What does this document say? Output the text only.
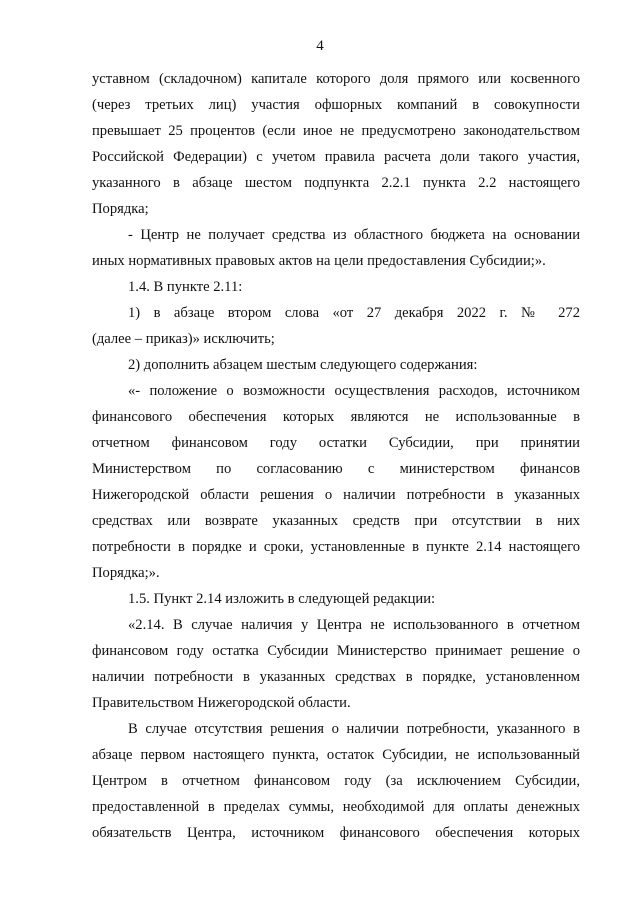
4
уставном (складочном) капитале которого доля прямого или косвенного
(через третьих лиц) участия офшорных компаний в совокупности
превышает 25 процентов (если иное не предусмотрено законодательством
Российской Федерации) с учетом правила расчета доли такого участия,
указанного в абзаце шестом подпункта 2.2.1 пункта 2.2 настоящего
Порядка;
- Центр не получает средства из областного бюджета на основании
иных нормативных правовых актов на цели предоставления Субсидии;».
1.4. В пункте 2.11:
1) в абзаце втором слова «от 27 декабря 2022 г. № 272
(далее – приказ)» исключить;
2) дополнить абзацем шестым следующего содержания:
«- положение о возможности осуществления расходов, источником
финансового обеспечения которых являются не использованные в
отчетном финансовом году остатки Субсидии, при принятии
Министерством по согласованию с министерством финансов
Нижегородской области решения о наличии потребности в указанных
средствах или возврате указанных средств при отсутствии в них
потребности в порядке и сроки, установленные в пункте 2.14 настоящего
Порядка;».
1.5. Пункт 2.14 изложить в следующей редакции:
«2.14. В случае наличия у Центра не использованного в отчетном
финансовом году остатка Субсидии Министерство принимает решение о
наличии потребности в указанных средствах в порядке, установленном
Правительством Нижегородской области.
В случае отсутствия решения о наличии потребности, указанного в
абзаце первом настоящего пункта, остаток Субсидии, не использованный
Центром в отчетном финансовом году (за исключением Субсидии,
предоставленной в пределах суммы, необходимой для оплаты денежных
обязательств Центра, источником финансового обеспечения которых
